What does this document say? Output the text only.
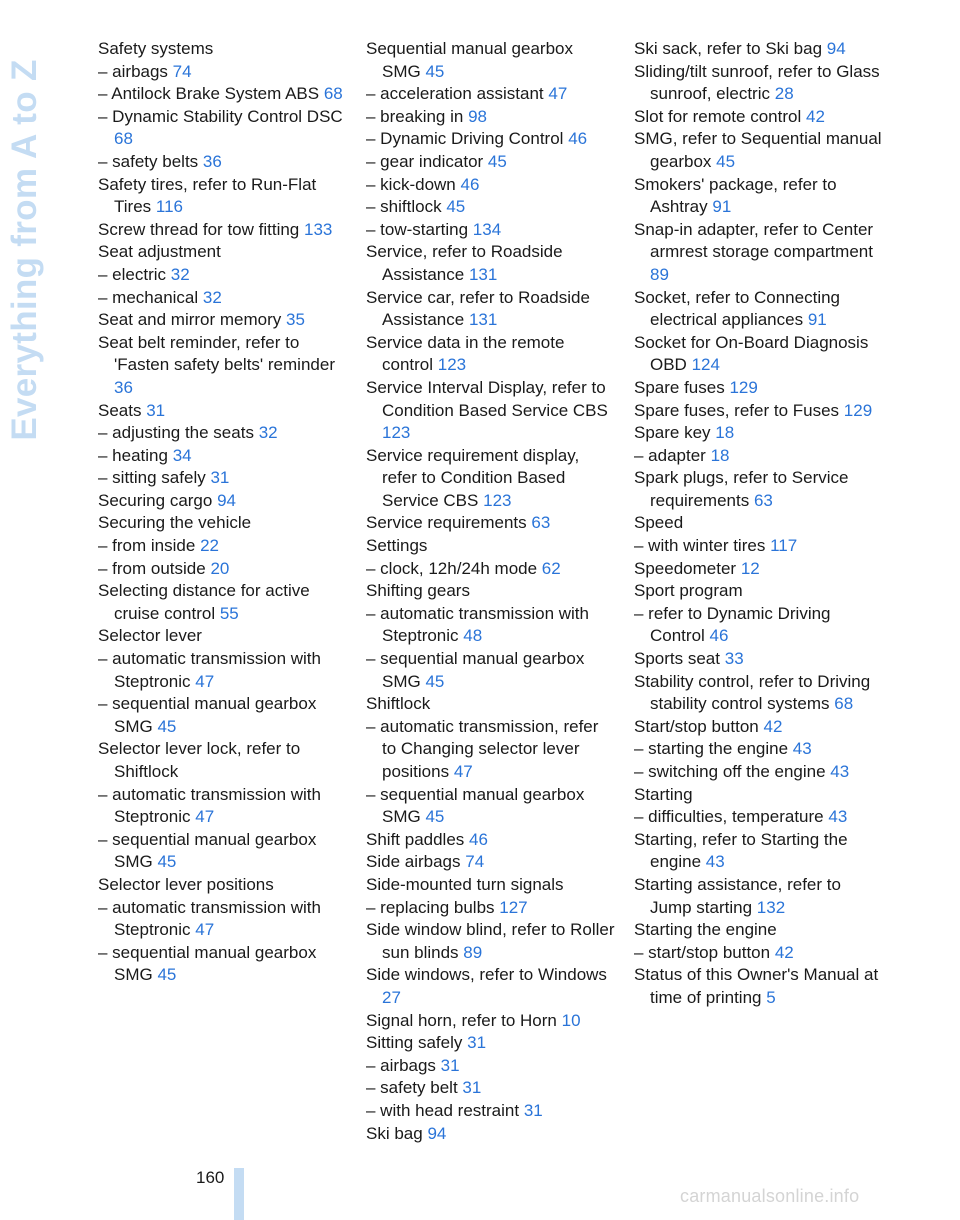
Everything from A to Z
Safety systems
– airbags 74
– Antilock Brake System ABS 68
– Dynamic Stability Control DSC 68
– safety belts 36
Safety tires, refer to Run-Flat Tires 116
Screw thread for tow fitting 133
Seat adjustment
– electric 32
– mechanical 32
Seat and mirror memory 35
Seat belt reminder, refer to 'Fasten safety belts' reminder 36
Seats 31
– adjusting the seats 32
– heating 34
– sitting safely 31
Securing cargo 94
Securing the vehicle
– from inside 22
– from outside 20
Selecting distance for active cruise control 55
Selector lever
– automatic transmission with Steptronic 47
– sequential manual gearbox SMG 45
Selector lever lock, refer to Shiftlock
– automatic transmission with Steptronic 47
– sequential manual gearbox SMG 45
Selector lever positions
– automatic transmission with Steptronic 47
– sequential manual gearbox SMG 45
Sequential manual gearbox SMG 45
– acceleration assistant 47
– breaking in 98
– Dynamic Driving Control 46
– gear indicator 45
– kick-down 46
– shiftlock 45
– tow-starting 134
Service, refer to Roadside Assistance 131
Service car, refer to Roadside Assistance 131
Service data in the remote control 123
Service Interval Display, refer to Condition Based Service CBS 123
Service requirement display, refer to Condition Based Service CBS 123
Service requirements 63
Settings
– clock, 12h/24h mode 62
Shifting gears
– automatic transmission with Steptronic 48
– sequential manual gearbox SMG 45
Shiftlock
– automatic transmission, refer to Changing selector lever positions 47
– sequential manual gearbox SMG 45
Shift paddles 46
Side airbags 74
Side-mounted turn signals
– replacing bulbs 127
Side window blind, refer to Roller sun blinds 89
Side windows, refer to Windows 27
Signal horn, refer to Horn 10
Sitting safely 31
– airbags 31
– safety belt 31
– with head restraint 31
Ski bag 94
Ski sack, refer to Ski bag 94
Sliding/tilt sunroof, refer to Glass sunroof, electric 28
Slot for remote control 42
SMG, refer to Sequential manual gearbox 45
Smokers' package, refer to Ashtray 91
Snap-in adapter, refer to Center armrest storage compartment 89
Socket, refer to Connecting electrical appliances 91
Socket for On-Board Diagnosis OBD 124
Spare fuses 129
Spare fuses, refer to Fuses 129
Spare key 18
– adapter 18
Spark plugs, refer to Service requirements 63
Speed
– with winter tires 117
Speedometer 12
Sport program
– refer to Dynamic Driving Control 46
Sports seat 33
Stability control, refer to Driving stability control systems 68
Start/stop button 42
– starting the engine 43
– switching off the engine 43
Starting
– difficulties, temperature 43
Starting, refer to Starting the engine 43
Starting assistance, refer to Jump starting 132
Starting the engine
– start/stop button 42
Status of this Owner's Manual at time of printing 5
160
carmanualsonline.info
